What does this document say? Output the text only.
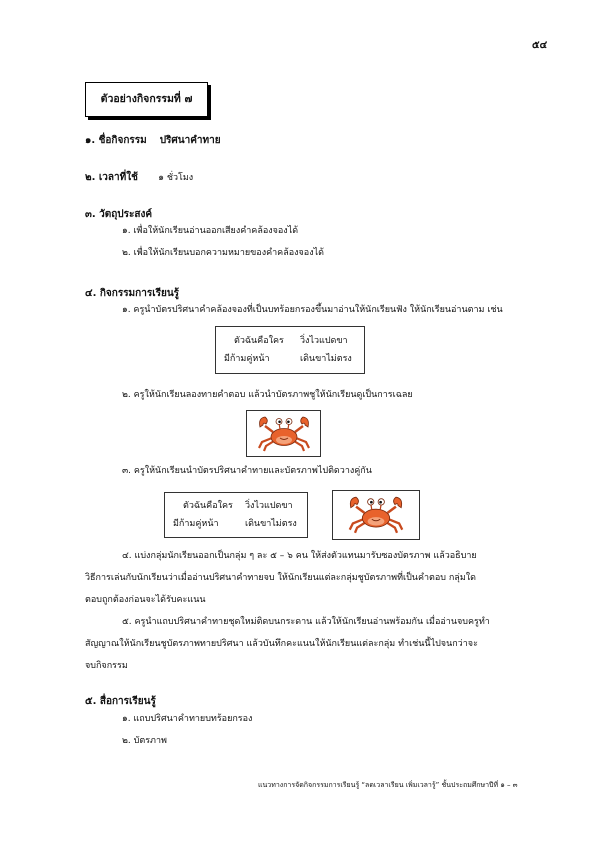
๕๔
ตัวอย่างกิจกรรมที่ ๗
๑. ชื่อกิจกรรม ปริศนาคำทาย
๒. เวลาที่ใช้ ๑ ชั่วโมง
๓. วัตถุประสงค์
๑. เพื่อให้นักเรียนอ่านออกเสียงคำคล้องจองได้
๒. เพื่อให้นักเรียนบอกความหมายของคำคล้องจองได้
๔. กิจกรรมการเรียนรู้
๑. ครูนำบัตรปริศนาคำคล้องจองที่เป็นบทร้อยกรองขึ้นมาอ่านให้นักเรียนฟัง ให้นักเรียนอ่านตาม เช่น
ตัวฉันคือใคร วิ่งไวแปดขา
มีก้ามคู่หน้า	เดินขาไม่ตรง
๒. ครูให้นักเรียนลองทายคำตอบ แล้วนำบัตรภาพชูให้นักเรียนดูเป็นการเฉลย
๓. ครูให้นักเรียนนำบัตรปริศนาคำทายและบัตรภาพไปติดวางคู่กัน
ตัวฉันคือใคร วิ่งไวแปดขา
มีก้ามคู่หน้า	เดินขาไม่ตรง
๔. แบ่งกลุ่มนักเรียนออกเป็นกลุ่ม ๆ ละ ๕ – ๖ คน ให้ส่งตัวแทนมารับซองบัตรภาพ แล้วอธิบาย
วิธีการเล่นกับนักเรียนว่าเมื่ออ่านปริศนาคำทายจบ ให้นักเรียนแต่ละกลุ่มชูบัตรภาพที่เป็นคำตอบ กลุ่มใด
ตอบถูกต้องก่อนจะได้รับคะแนน
๕. ครูนำแถบปริศนาคำทายชุดใหม่ติดบนกระดาน แล้วให้นักเรียนอ่านพร้อมกัน เมื่ออ่านจบครูทำ
สัญญาณให้นักเรียนชูบัตรภาพทายปริศนา แล้วบันทึกคะแนนให้นักเรียนแต่ละกลุ่ม ทำเช่นนี้ไปจนกว่าจะ
จบกิจกรรม
๕. สื่อการเรียนรู้
๑. แถบปริศนาคำทายบทร้อยกรอง
๒. บัตรภาพ
แนวทางการจัดกิจกรรมการเรียนรู้ “ลดเวลาเรียน เพิ่มเวลารู้” ชั้นประถมศึกษาปีที่ ๑ – ๓
